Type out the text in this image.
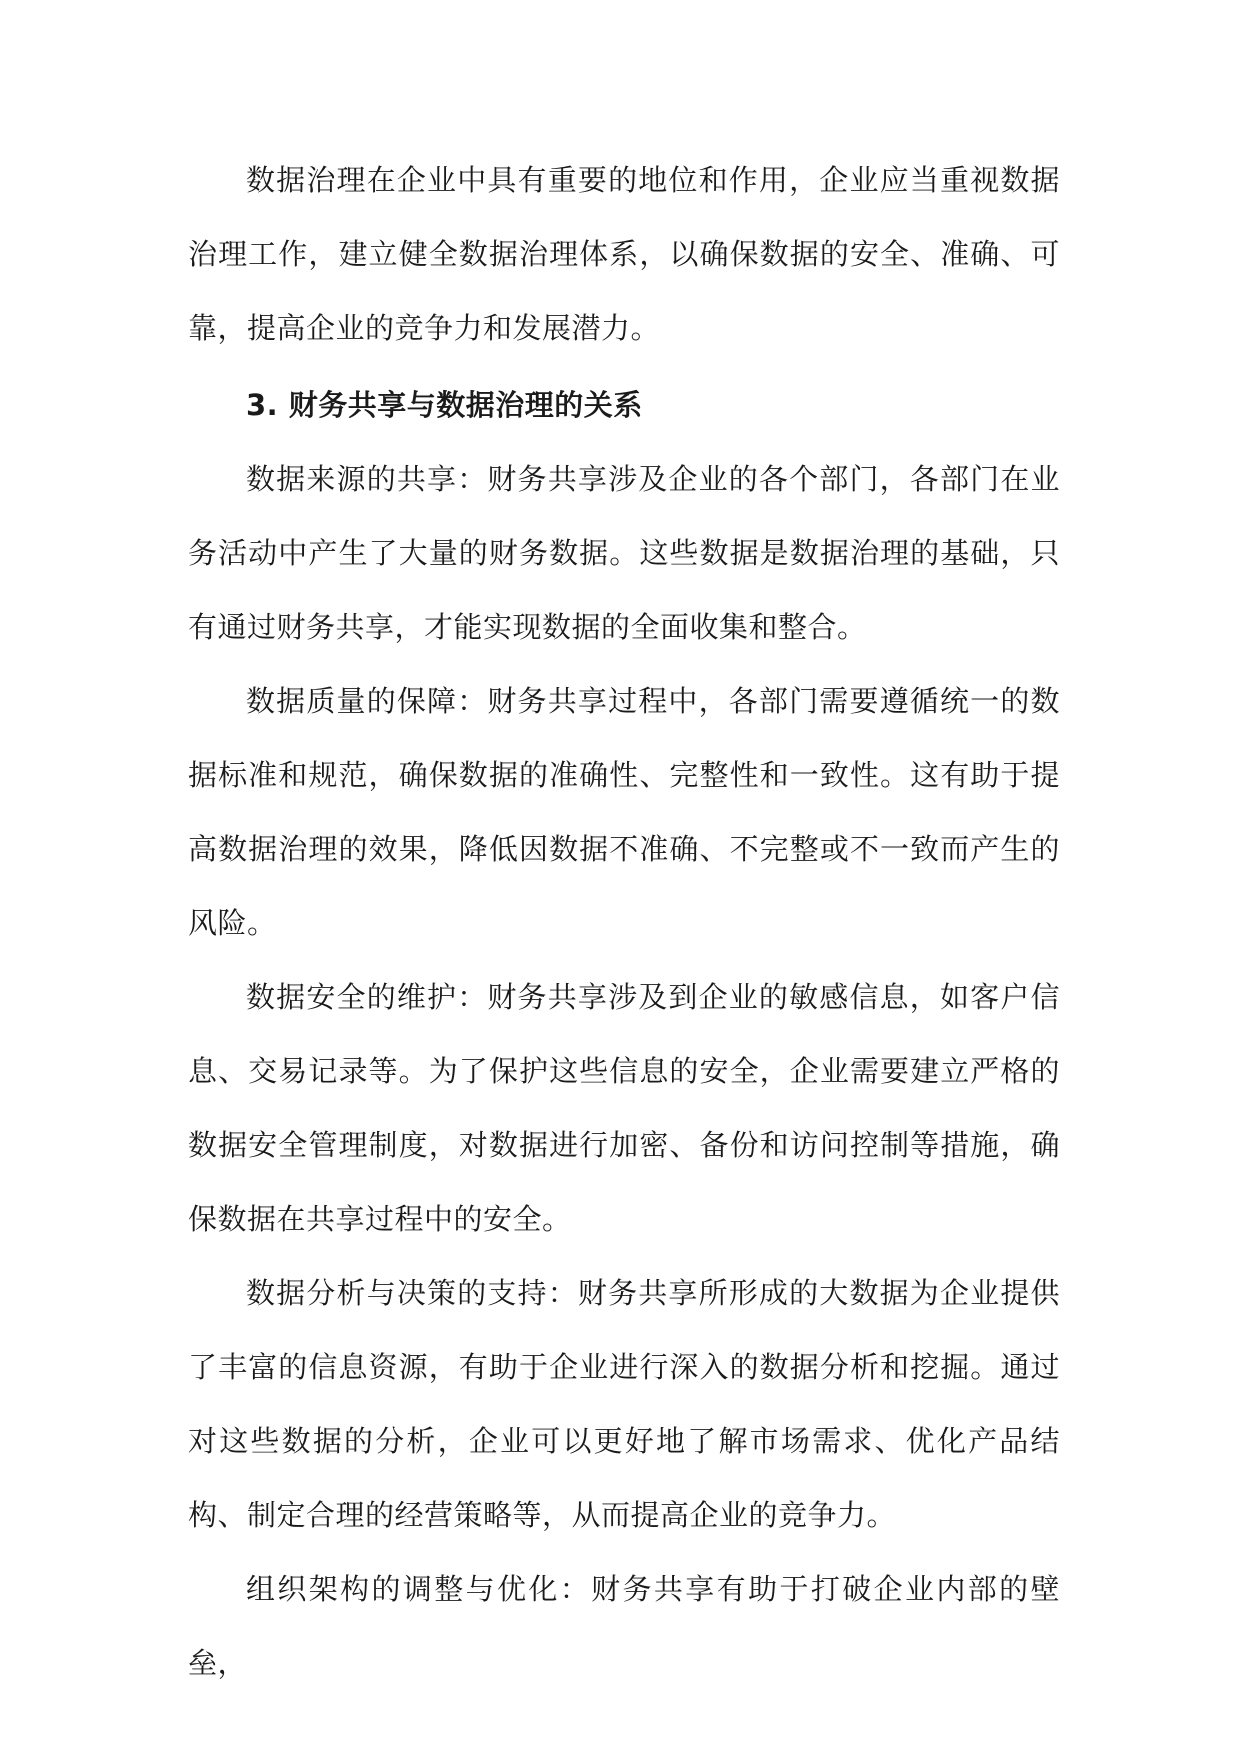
数据治理在企业中具有重要的地位和作用，企业应当重视数据治理工作，建立健全数据治理体系，以确保数据的安全、准确、可靠，提高企业的竞争力和发展潜力。

3. 财务共享与数据治理的关系

数据来源的共享：财务共享涉及企业的各个部门，各部门在业务活动中产生了大量的财务数据。这些数据是数据治理的基础，只有通过财务共享，才能实现数据的全面收集和整合。

数据质量的保障：财务共享过程中，各部门需要遵循统一的数据标准和规范，确保数据的准确性、完整性和一致性。这有助于提高数据治理的效果，降低因数据不准确、不完整或不一致而产生的风险。

数据安全的维护：财务共享涉及到企业的敏感信息，如客户信息、交易记录等。为了保护这些信息的安全，企业需要建立严格的数据安全管理制度，对数据进行加密、备份和访问控制等措施，确保数据在共享过程中的安全。

数据分析与决策的支持：财务共享所形成的大数据为企业提供了丰富的信息资源，有助于企业进行深入的数据分析和挖掘。通过对这些数据的分析，企业可以更好地了解市场需求、优化产品结构、制定合理的经营策略等，从而提高企业的竞争力。

组织架构的调整与优化：财务共享有助于打破企业内部的壁垒，
